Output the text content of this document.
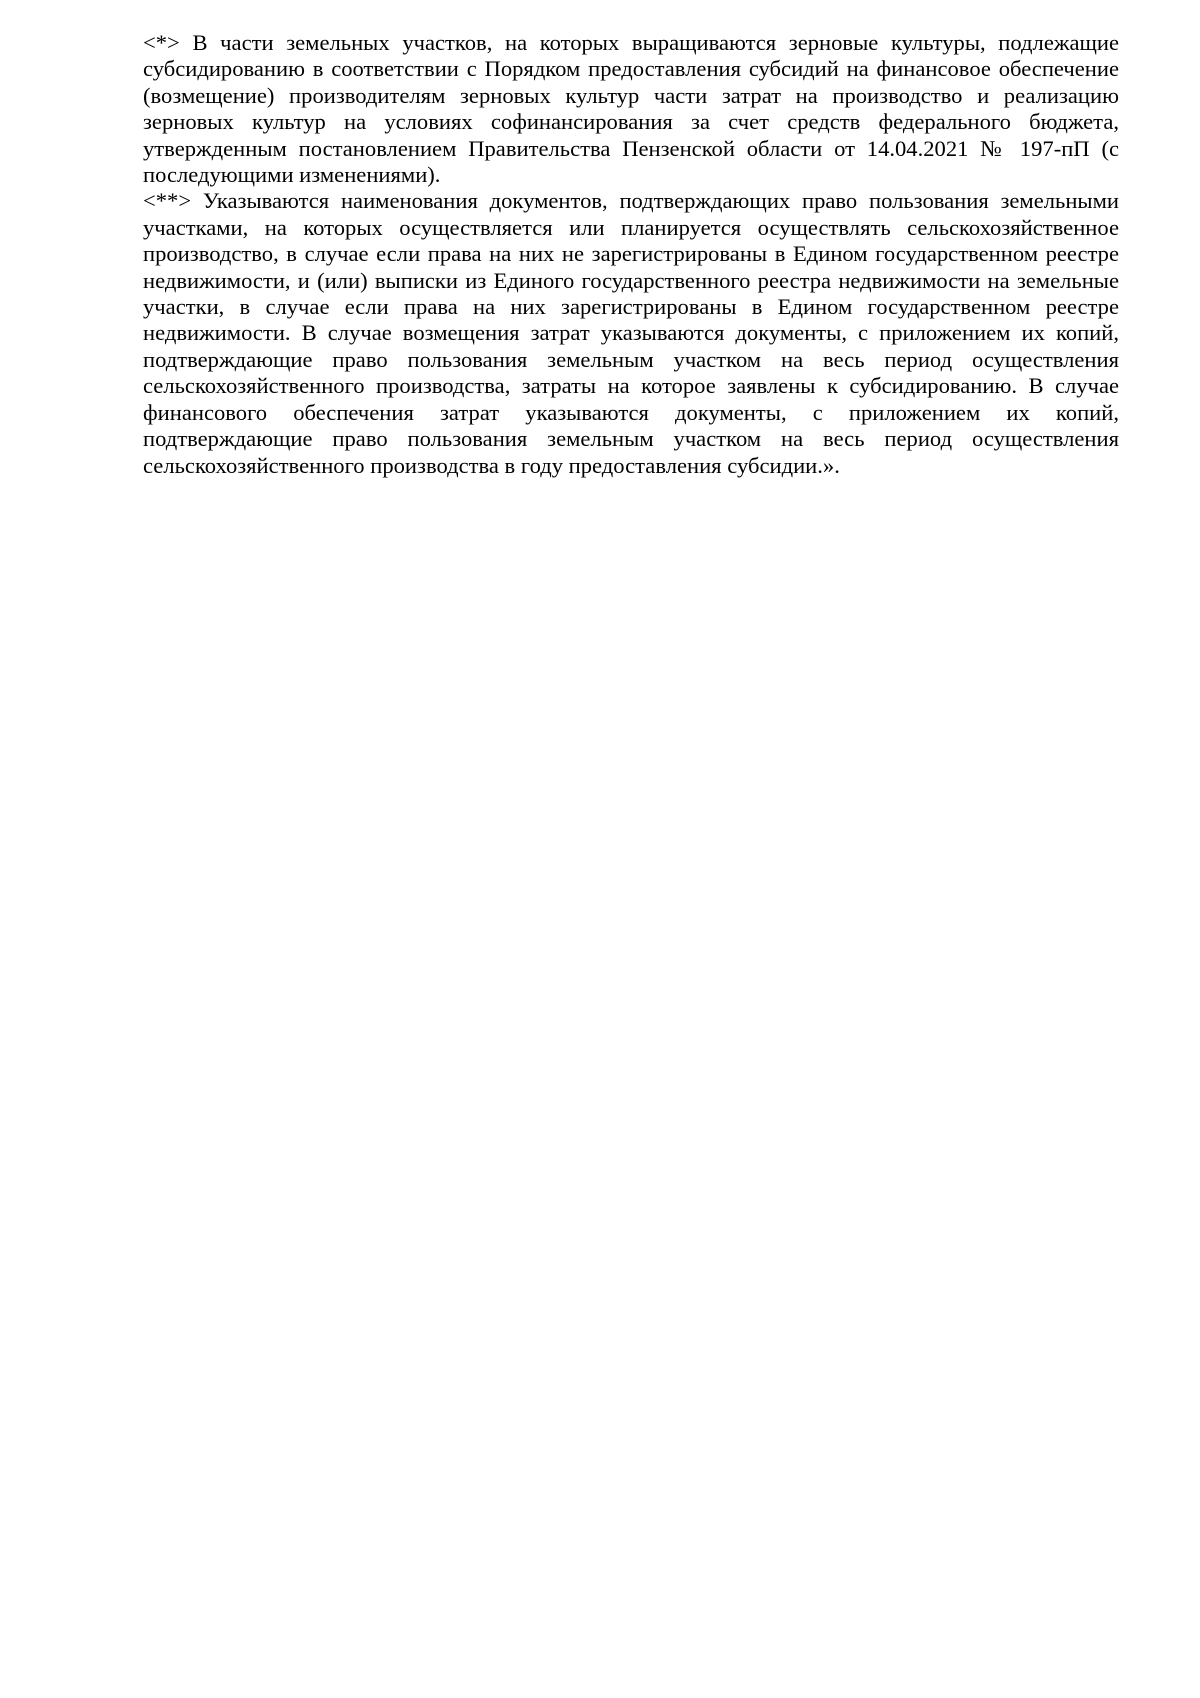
<*> В части земельных участков, на которых выращиваются зерновые культуры, подлежащие субсидированию в соответствии с Порядком предоставления субсидий на финансовое обеспечение (возмещение) производителям зерновых культур части затрат на производство и реализацию зерновых культур на условиях софинансирования за счет средств федерального бюджета, утвержденным постановлением Правительства Пензенской области от 14.04.2021 № 197-пП (с последующими изменениями).

<**> Указываются наименования документов, подтверждающих право пользования земельными участками, на которых осуществляется или планируется осуществлять сельскохозяйственное производство, в случае если права на них не зарегистрированы в Едином государственном реестре недвижимости, и (или) выписки из Единого государственного реестра недвижимости на земельные участки, в случае если права на них зарегистрированы в Едином государственном реестре недвижимости. В случае возмещения затрат указываются документы, с приложением их копий, подтверждающие право пользования земельным участком на весь период осуществления сельскохозяйственного производства, затраты на которое заявлены к субсидированию. В случае финансового обеспечения затрат указываются документы, с приложением их копий, подтверждающие право пользования земельным участком на весь период осуществления сельскохозяйственного производства в году предоставления субсидии.».
